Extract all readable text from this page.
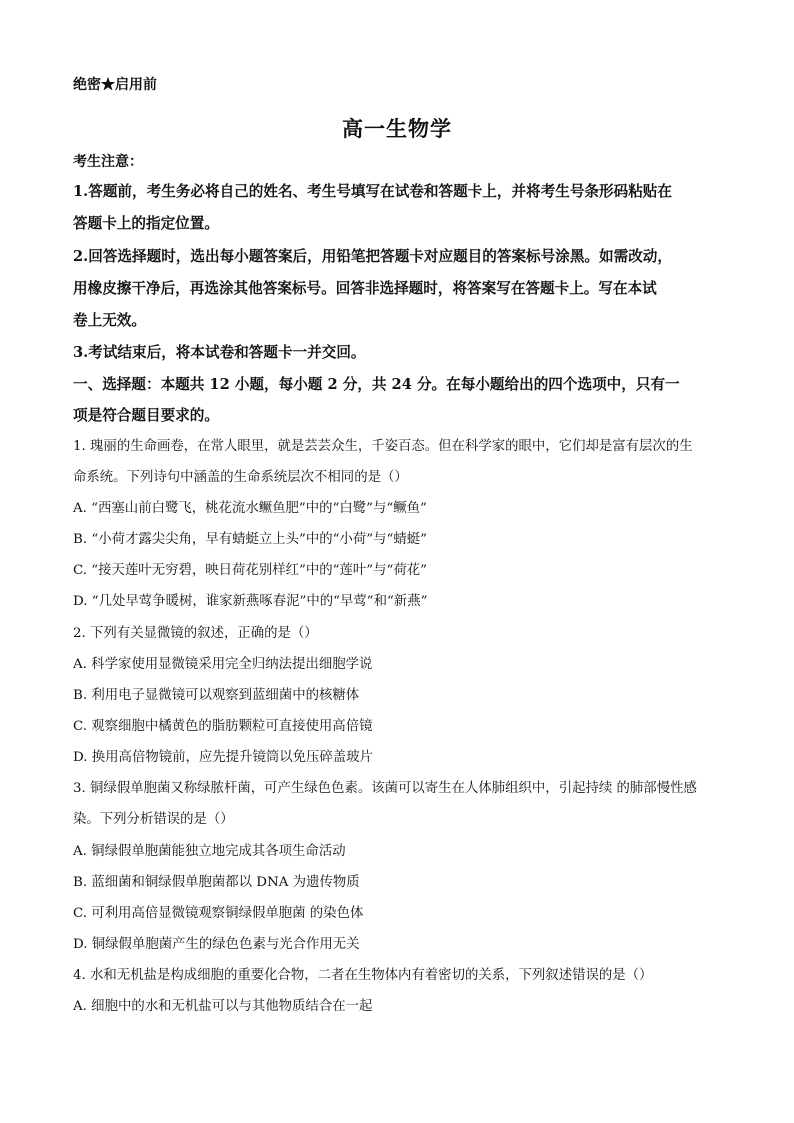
绝密★启用前
高一生物学
考生注意：
1.答题前，考生务必将自己的姓名、考生号填写在试卷和答题卡上，并将考生号条形码粘贴在
答题卡上的指定位置。
2.回答选择题时，选出每小题答案后，用铅笔把答题卡对应题目的答案标号涂黑。如需改动，
用橡皮擦干净后，再选涂其他答案标号。回答非选择题时，将答案写在答题卡上。写在本试
卷上无效。
3.考试结束后，将本试卷和答题卡一并交回。
一、选择题：本题共 12 小题，每小题 2 分，共 24 分。在每小题给出的四个选项中，只有一
项是符合题目要求的。
1. 瑰丽的生命画卷，在常人眼里，就是芸芸众生，千姿百态。但在科学家的眼中，它们却是富有层次的生
命系统。下列诗句中涵盖的生命系统层次不相同的是（）
A. “西塞山前白鹭飞，桃花流水鳜鱼肥”中的“白鹭”与“鳜鱼”
B. “小荷才露尖尖角，早有蜻蜓立上头”中的“小荷”与“蜻蜓”
C. “接天莲叶无穷碧，映日荷花别样红”中的“莲叶”与“荷花”
D. “几处早莺争暖树，谁家新燕啄春泥”中的“早莺”和“新燕”
2. 下列有关显微镜的叙述，正确的是（）
A. 科学家使用显微镜采用完全归纳法提出细胞学说
B. 利用电子显微镜可以观察到蓝细菌中的核糖体
C. 观察细胞中橘黄色的脂肪颗粒可直接使用高倍镜
D. 换用高倍物镜前，应先提升镜筒以免压碎盖玻片
3. 铜绿假单胞菌又称绿脓杆菌，可产生绿色色素。该菌可以寄生在人体肺组织中，引起持续 的肺部慢性感
染。下列分析错误的是（）
A. 铜绿假单胞菌能独立地完成其各项生命活动
B. 蓝细菌和铜绿假单胞菌都以 DNA 为遗传物质
C. 可利用高倍显微镜观察铜绿假单胞菌 的染色体
D. 铜绿假单胞菌产生的绿色色素与光合作用无关
4. 水和无机盐是构成细胞的重要化合物，二者在生物体内有着密切的关系，下列叙述错误的是（）
A. 细胞中的水和无机盐可以与其他物质结合在一起
